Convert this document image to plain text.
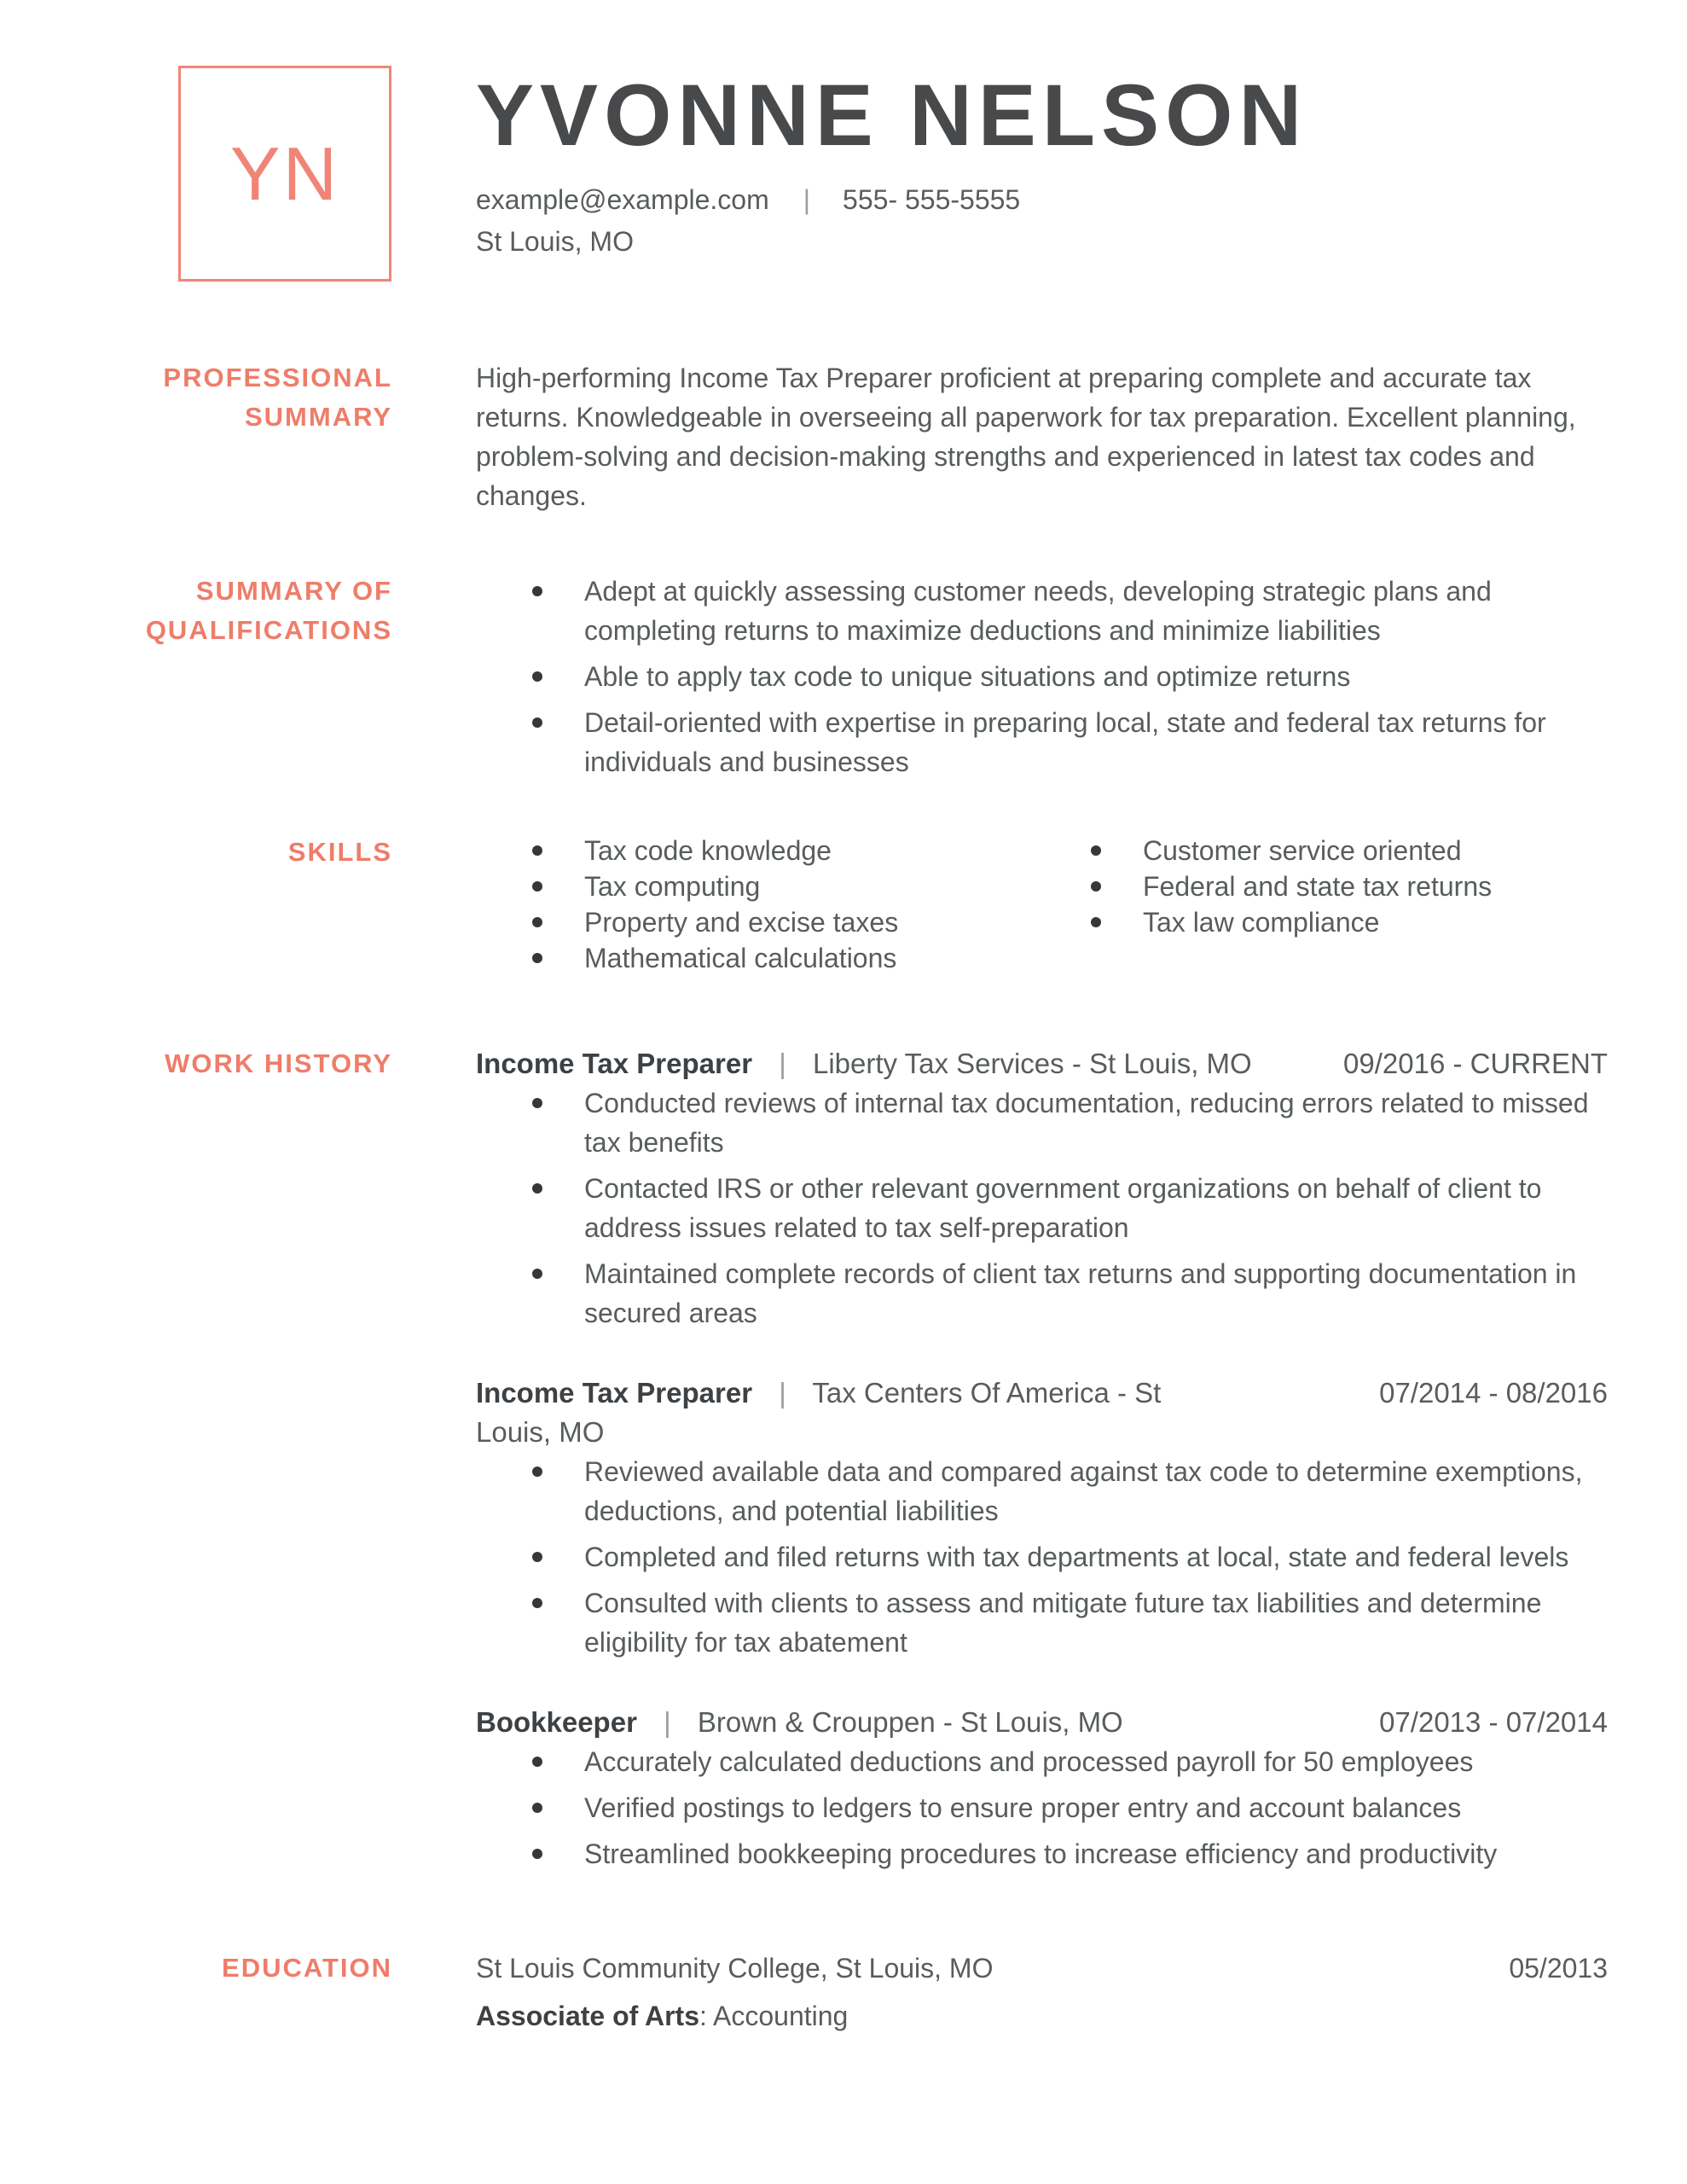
YN
YVONNE NELSON
example@example.com | 555- 555-5555
St Louis, MO
PROFESSIONAL
SUMMARY
High-performing Income Tax Preparer proficient at preparing complete and accurate tax returns. Knowledgeable in overseeing all paperwork for tax preparation. Excellent planning, problem-solving and decision-making strengths and experienced in latest tax codes and changes.
SUMMARY OF
QUALIFICATIONS
Adept at quickly assessing customer needs, developing strategic plans and completing returns to maximize deductions and minimize liabilities
Able to apply tax code to unique situations and optimize returns
Detail-oriented with expertise in preparing local, state and federal tax returns for individuals and businesses
SKILLS	Tax code knowledge
Tax computing
Property and excise taxes
Mathematical calculations
Customer service oriented
Federal and state tax returns
Tax law compliance
WORK HISTORY	Income Tax Preparer | Liberty Tax Services - St Louis, MO	09/2016 - CURRENT
Conducted reviews of internal tax documentation, reducing errors related to missed tax benefits
Contacted IRS or other relevant government organizations on behalf of client to address issues related to tax self-preparation
Maintained complete records of client tax returns and supporting documentation in secured areas
Income Tax Preparer | Tax Centers Of America - St Louis, MO
07/2014 - 08/2016
Reviewed available data and compared against tax code to determine exemptions, deductions, and potential liabilities
Completed and filed returns with tax departments at local, state and federal levels
Consulted with clients to assess and mitigate future tax liabilities and determine eligibility for tax abatement
Bookkeeper | Brown & Crouppen - St Louis, MO	07/2013 - 07/2014
Accurately calculated deductions and processed payroll for 50 employees
Verified postings to ledgers to ensure proper entry and account balances
Streamlined bookkeeping procedures to increase efficiency and productivity
EDUCATION	St Louis Community College, St Louis, MO	05/2013
Associate of Arts: Accounting
